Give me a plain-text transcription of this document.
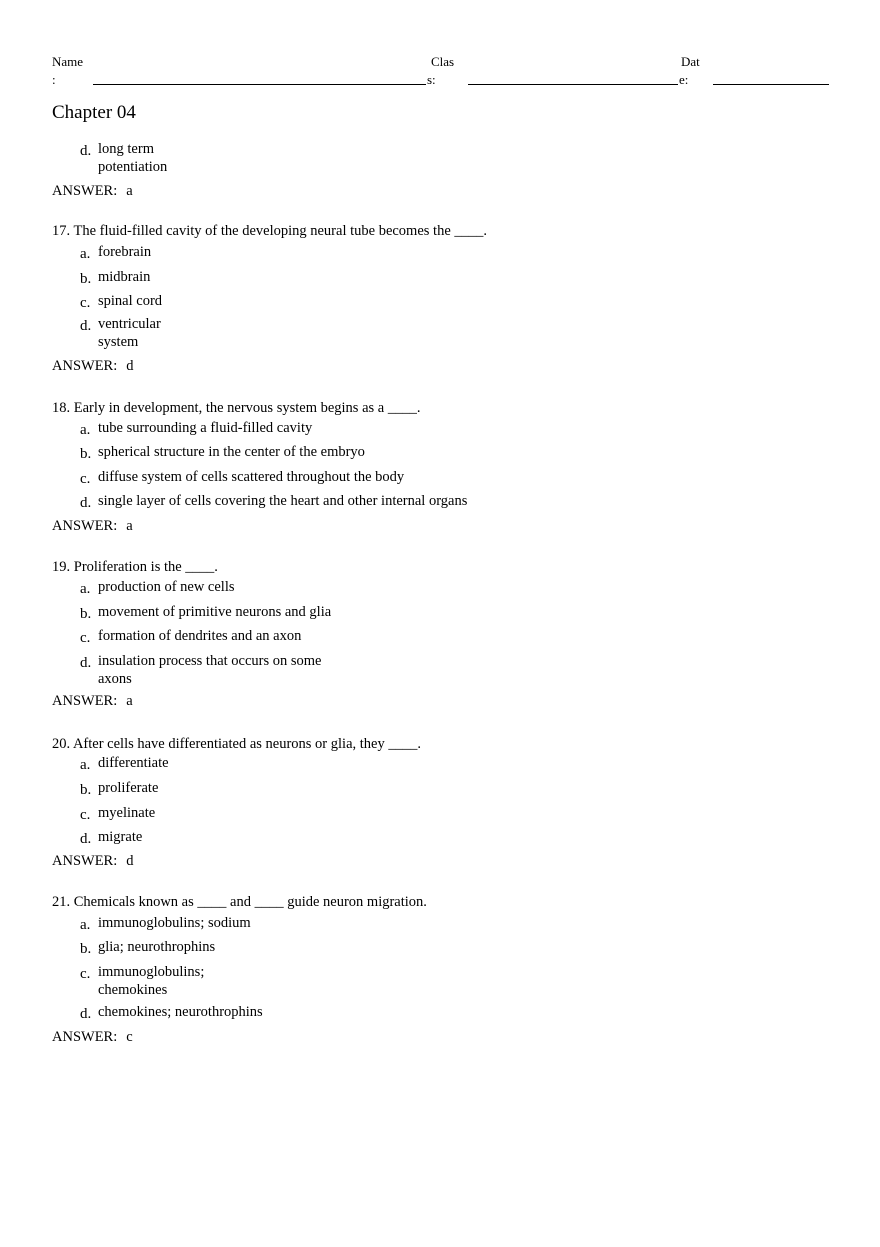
Name
:
Clas
s:
Dat
e:
Chapter 04
d. long term
potentiation
ANSWER: a
17. The fluid-filled cavity of the developing neural tube becomes the ____.
a. forebrain
b. midbrain
c. spinal cord
d. ventricular
system
ANSWER: d
18. Early in development, the nervous system begins as a ____.
a. tube surrounding a fluid-filled cavity
b. spherical structure in the center of the embryo
c. diffuse system of cells scattered throughout the body
d. single layer of cells covering the heart and other internal organs
ANSWER: a
19. Proliferation is the ____.
a. production of new cells
b. movement of primitive neurons and glia
c. formation of dendrites and an axon
d. insulation process that occurs on some
axons
ANSWER: a
20. After cells have differentiated as neurons or glia, they ____.
a. differentiate
b. proliferate
c. myelinate
d. migrate
ANSWER: d
21. Chemicals known as ____ and ____ guide neuron migration.
a. immunoglobulins; sodium
b. glia; neurothrophins
c. immunoglobulins;
chemokines
d. chemokines; neurothrophins
ANSWER: c
